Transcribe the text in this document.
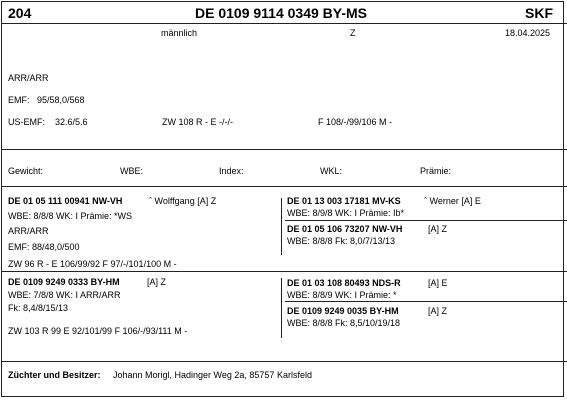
204	DE 0109 9114 0349 BY-MS	SKF
männlich	Z	18.04.2025
ARR/ARR
EMF: 95/58,0/568
US-EMF: 32.6/5.6	ZW 108 R - E -/-/-	F 108/-/99/106 M -
Gewicht:	WBE:	Index:	WKL:	Prämie:
DE 01 05 111 00941 NW-VH	ˆ Wolffgang [A] Z
WBE: 8/8/8 WK: I Prämie: *WS
ARR/ARR
EMF: 88/48,0/500
ZW 96 R - E 106/99/92 F 97/-/101/100 M -
DE 01 13 003 17181 MV-KS	ˆ Werner [A] E
WBE: 8/9/8 WK: I Prämie: Ib*
DE 01 05 106 73207 NW-VH	[A] Z
WBE: 8/8/8 Fk: 8,0/7/13/13
DE 0109 9249 0333 BY-HM	[A] Z
WBE: 7/8/8 WK: I ARR/ARR
Fk: 8,4/8/15/13
ZW 103 R 99 E 92/101/99 F 106/-/93/111 M -
DE 01 03 108 80493 NDS-R	[A] E
WBE: 8/8/9 WK: I Prämie: *
DE 0109 9249 0035 BY-HM	[A] Z
WBE: 8/8/8 Fk: 8,5/10/19/18
Züchter und Besitzer: Johann Morigl, Hadinger Weg 2a, 85757 Karlsfeld
